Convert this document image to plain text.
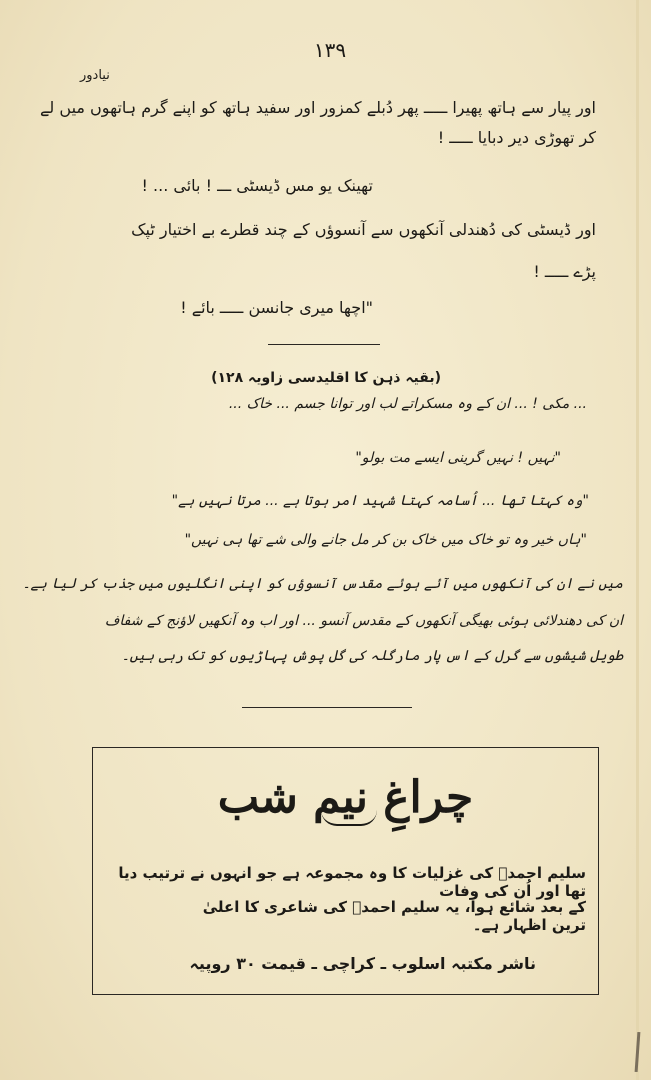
١٣٩
نیادور
اور پیار سے ہاتھ پھیرا ـــــ پھر دُبلے کمزور اور سفید ہاتھ کو اپنے گرم ہاتھوں میں لے
کر تھوڑی دیر دبایا ـــــ !
تھینک یو مس ڈیسٹی ـــ ! بائی ... !
اور ڈیسٹی کی دُھندلی آنکھوں سے آنسوؤں کے چند قطرے بے اختیار ٹپک
پڑے ـــــ !
"اچھا میری جانسن ـــــ بائے !
(بقیہ ذہن کا اقلیدسی زاویہ ۱۲۸)
... مکی ! ... ان کے وہ مسکراتے لب اور توانا جسم ... خاک ...
"نہیں ! نہیں گرینی ایسے مت بولو"
"وہ کہتا تھا ... اُسامہ کہتا شہید امر ہوتا ہے ... مرتا نہیں ہے"
"ہاں خیر وہ تو خاک میں خاک بن کر مل جانے والی شے تھا ہی نہیں"
میں نے ان کی آنکھوں میں آئے ہوئے مقدس آنسوؤں کو اپنی انگلیوں میں جذب کر لیا ہے۔
ان کی دھندلائی ہوئی بھیگی آنکھوں کے مقدس آنسو ... اور اب وہ آنکھیں لاؤنج کے شفاف
طویل شیشوں سے گرل کے اس پار مارگلہ کی گل پوش پہاڑیوں کو تک رہی ہیں۔
چراغِ نیم شب
سلیم احمدؒ کی غزلیات کا وہ مجموعہ ہے جو انہوں نے ترتیب دیا تھا اور اُن کی وفات
کے بعد شائع ہوا، یہ سلیم احمدؒ کی شاعری کا اعلیٰ ترین اظہار ہے۔
ناشر مکتبہ اسلوب ـ کراچی ـ قیمت ۳۰ روپیہ
